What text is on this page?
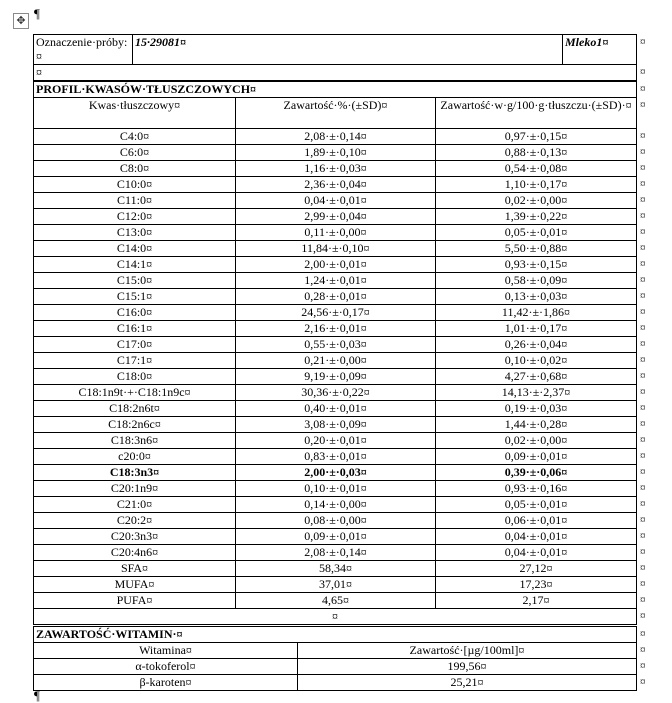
✥ ¶
Oznaczenie·próby:¤	15·29081¤	Mleko1¤
¤
PROFIL·KWASÓW·TŁUSZCZOWYCH¤		
Kwas·tłuszczowy¤	Zawartość·%·(±SD)¤	Zawartość·w·g/100·g·tłuszczu·(±SD)·¤
C4:0¤	2,08·±·0,14¤	0,97·±·0,15¤
C6:0¤	1,89·±·0,10¤	0,88·±·0,13¤
C8:0¤	1,16·±·0,03¤	0,54·±·0,08¤
C10:0¤	2,36·±·0,04¤	1,10·±·0,17¤
C11:0¤	0,04·±·0,01¤	0,02·±·0,00¤
C12:0¤	2,99·±·0,04¤	1,39·±·0,22¤
C13:0¤	0,11·±·0,00¤	0,05·±·0,01¤
C14:0¤	11,84·±·0,10¤	5,50·±·0,88¤
C14:1¤	2,00·±·0,01¤	0,93·±·0,15¤
C15:0¤	1,24·±·0,01¤	0,58·±·0,09¤
C15:1¤	0,28·±·0,01¤	0,13·±·0,03¤
C16:0¤	24,56·±·0,17¤	11,42·±·1,86¤
C16:1¤	2,16·±·0,01¤	1,01·±·0,17¤
C17:0¤	0,55·±·0,03¤	0,26·±·0,04¤
C17:1¤	0,21·±·0,00¤	0,10·±·0,02¤
C18:0¤	9,19·±·0,09¤	4,27·±·0,68¤
C18:1n9t·+·C18:1n9c¤	30,36·±·0,22¤	14,13·±·2,37¤
C18:2n6t¤	0,40·±·0,01¤	0,19·±·0,03¤
C18:2n6c¤	3,08·±·0,09¤	1,44·±·0,28¤
C18:3n6¤	0,20·±·0,01¤	0,02·±·0,00¤
c20:0¤	0,83·±·0,01¤	0,09·±·0,01¤
C18:3n3¤	2,00·±·0,03¤	0,39·±·0,06¤
C20:1n9¤	0,10·±·0,01¤	0,93·±·0,16¤
C21:0¤	0,14·±·0,00¤	0,05·±·0,01¤
C20:2¤	0,08·±·0,00¤	0,06·±·0,01¤
C20:3n3¤	0,09·±·0,01¤	0,04·±·0,01¤
C20:4n6¤	2,08·±·0,14¤	0,04·±·0,01¤
SFA¤	58,34¤	27,12¤
MUFA¤	37,01¤	17,23¤
PUFA¤	4,65¤	2,17¤
¤		
ZAWARTOŚĆ·WITAMIN·¤	
Witamina¤	Zawartość·[µg/100ml]¤
α-tokoferol¤	199,56¤
β-karoten¤	25,21¤
¤
¤
¤
¤
¤
¤
¤
¤
¤
¤
¤
¤
¤
¤
¤
¤
¤
¤
¤
¤
¤
¤
¤
¤
¤
¤
¤
¤
¤
¤
¤
¤
¤
¤
¤
¤
¤
¤
¤
¶
